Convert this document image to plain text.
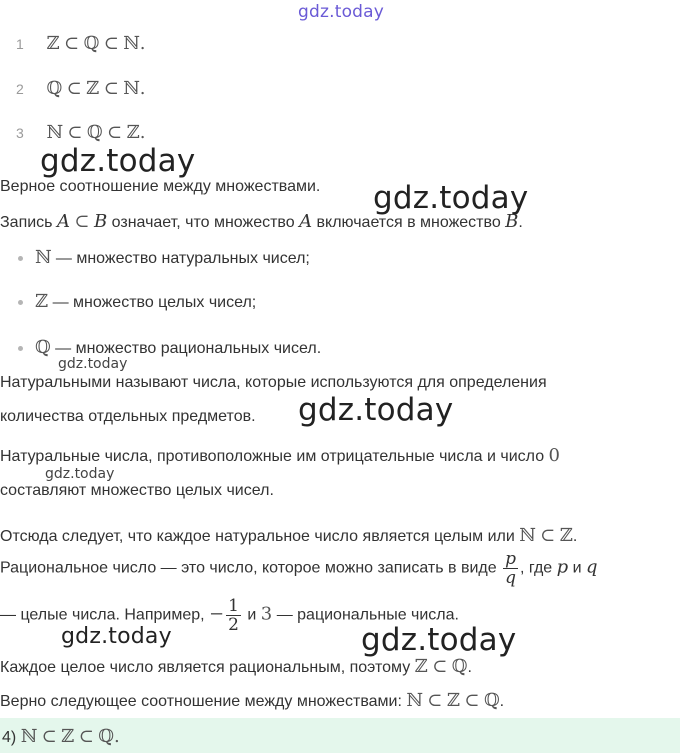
gdz.today
1 ℤ ⊂ ℚ ⊂ ℕ.
2 ℚ ⊂ ℤ ⊂ ℕ.
3 ℕ ⊂ ℚ ⊂ ℤ.
gdz.today
Верное соотношение между множествами. gdz.today
Запись A ⊂ B означает, что множество A включается в множество B.
ℕ — множество натуральных чисел;
ℤ — множество целых чисел;
ℚ — множество рациональных чисел.
gdz.today
Натуральными называют числа, которые используются для определения
количества отдельных предметов. gdz.today
Натуральные числа, противоположные им отрицательные числа и число 0
gdz.today
составляют множество целых чисел.
Отсюда следует, что каждое натуральное число является целым или ℕ ⊂ ℤ.
Рациональное число — это число, которое можно записать в виде $\frac{p}{q}$ , где p и q
— целые числа. Например, − $\frac{1}{2}$ и 3 — рациональные числа.
gdz.today	gdz.today
Каждое целое число является рациональным, поэтому ℤ ⊂ ℚ.
Верно следующее соотношение между множествами: ℕ ⊂ ℤ ⊂ ℚ.
4) ℕ ⊂ ℤ ⊂ ℚ.
